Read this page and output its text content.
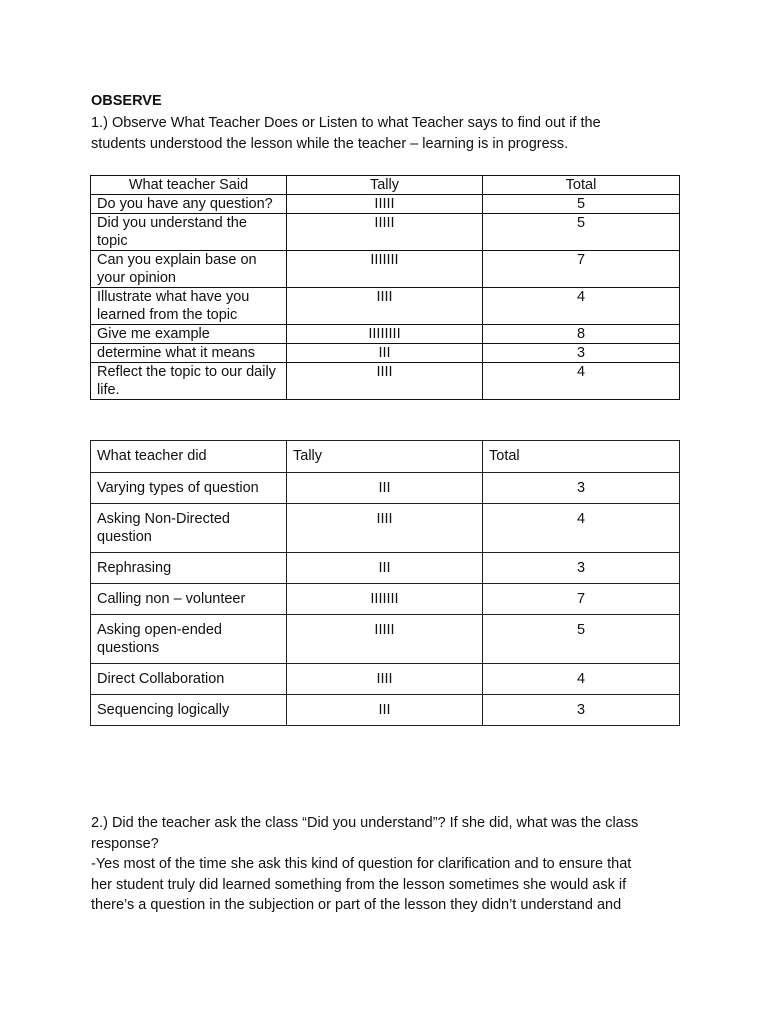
OBSERVE
1.) Observe What Teacher Does or Listen to what Teacher says to find out if the
students understood the lesson while the teacher – learning is in progress.
What teacher Said	Tally	Total
Do you have any question?	IIIII	5
Did you understand the topic	IIIII	5
Can you explain base on your opinion	IIIIIII	7
Illustrate what have you learned from the topic	IIII	4
Give me example	IIIIIIII	8
determine what it means	III	3
Reflect the topic to our daily life.	IIII	4
What teacher did	Tally	Total
Varying types of question	III	3
Asking Non-Directed question	IIII	4
Rephrasing	III	3
Calling non – volunteer	IIIIIII	7
Asking open-ended questions	IIIII	5
Direct Collaboration	IIII	4
Sequencing logically	III	3
2.) Did the teacher ask the class “Did you understand”? If she did, what was the class
response?
-Yes most of the time she ask this kind of question for clarification and to ensure that
her student truly did learned something from the lesson sometimes she would ask if
there’s a question in the subjection or part of the lesson they didn’t understand and
